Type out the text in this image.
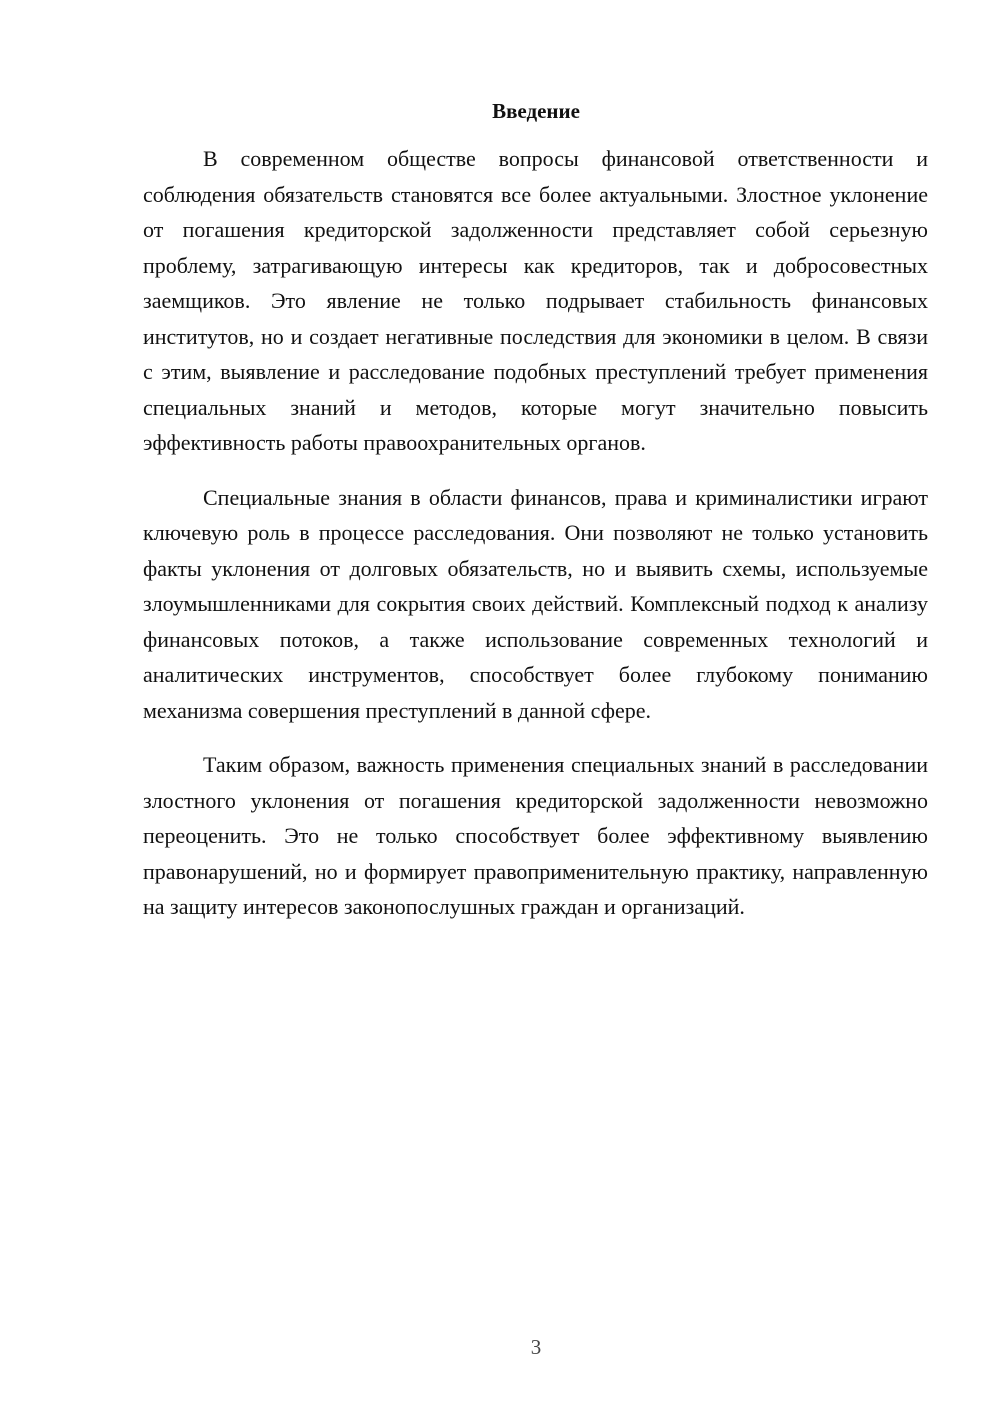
Введение

В современном обществе вопросы финансовой ответственности и соблюдения обязательств становятся все более актуальными. Злостное уклонение от погашения кредиторской задолженности представляет собой серьезную проблему, затрагивающую интересы как кредиторов, так и добросовестных заемщиков. Это явление не только подрывает стабильность финансовых институтов, но и создает негативные последствия для экономики в целом. В связи с этим, выявление и расследование подобных преступлений требует применения специальных знаний и методов, которые могут значительно повысить эффективность работы правоохранительных органов.

Специальные знания в области финансов, права и криминалистики играют ключевую роль в процессе расследования. Они позволяют не только установить факты уклонения от долговых обязательств, но и выявить схемы, используемые злоумышленниками для сокрытия своих действий. Комплексный подход к анализу финансовых потоков, а также использование современных технологий и аналитических инструментов, способствует более глубокому пониманию механизма совершения преступлений в данной сфере.

Таким образом, важность применения специальных знаний в расследовании злостного уклонения от погашения кредиторской задолженности невозможно переоценить. Это не только способствует более эффективному выявлению правонарушений, но и формирует правоприменительную практику, направленную на защиту интересов законопослушных граждан и организаций.

3
